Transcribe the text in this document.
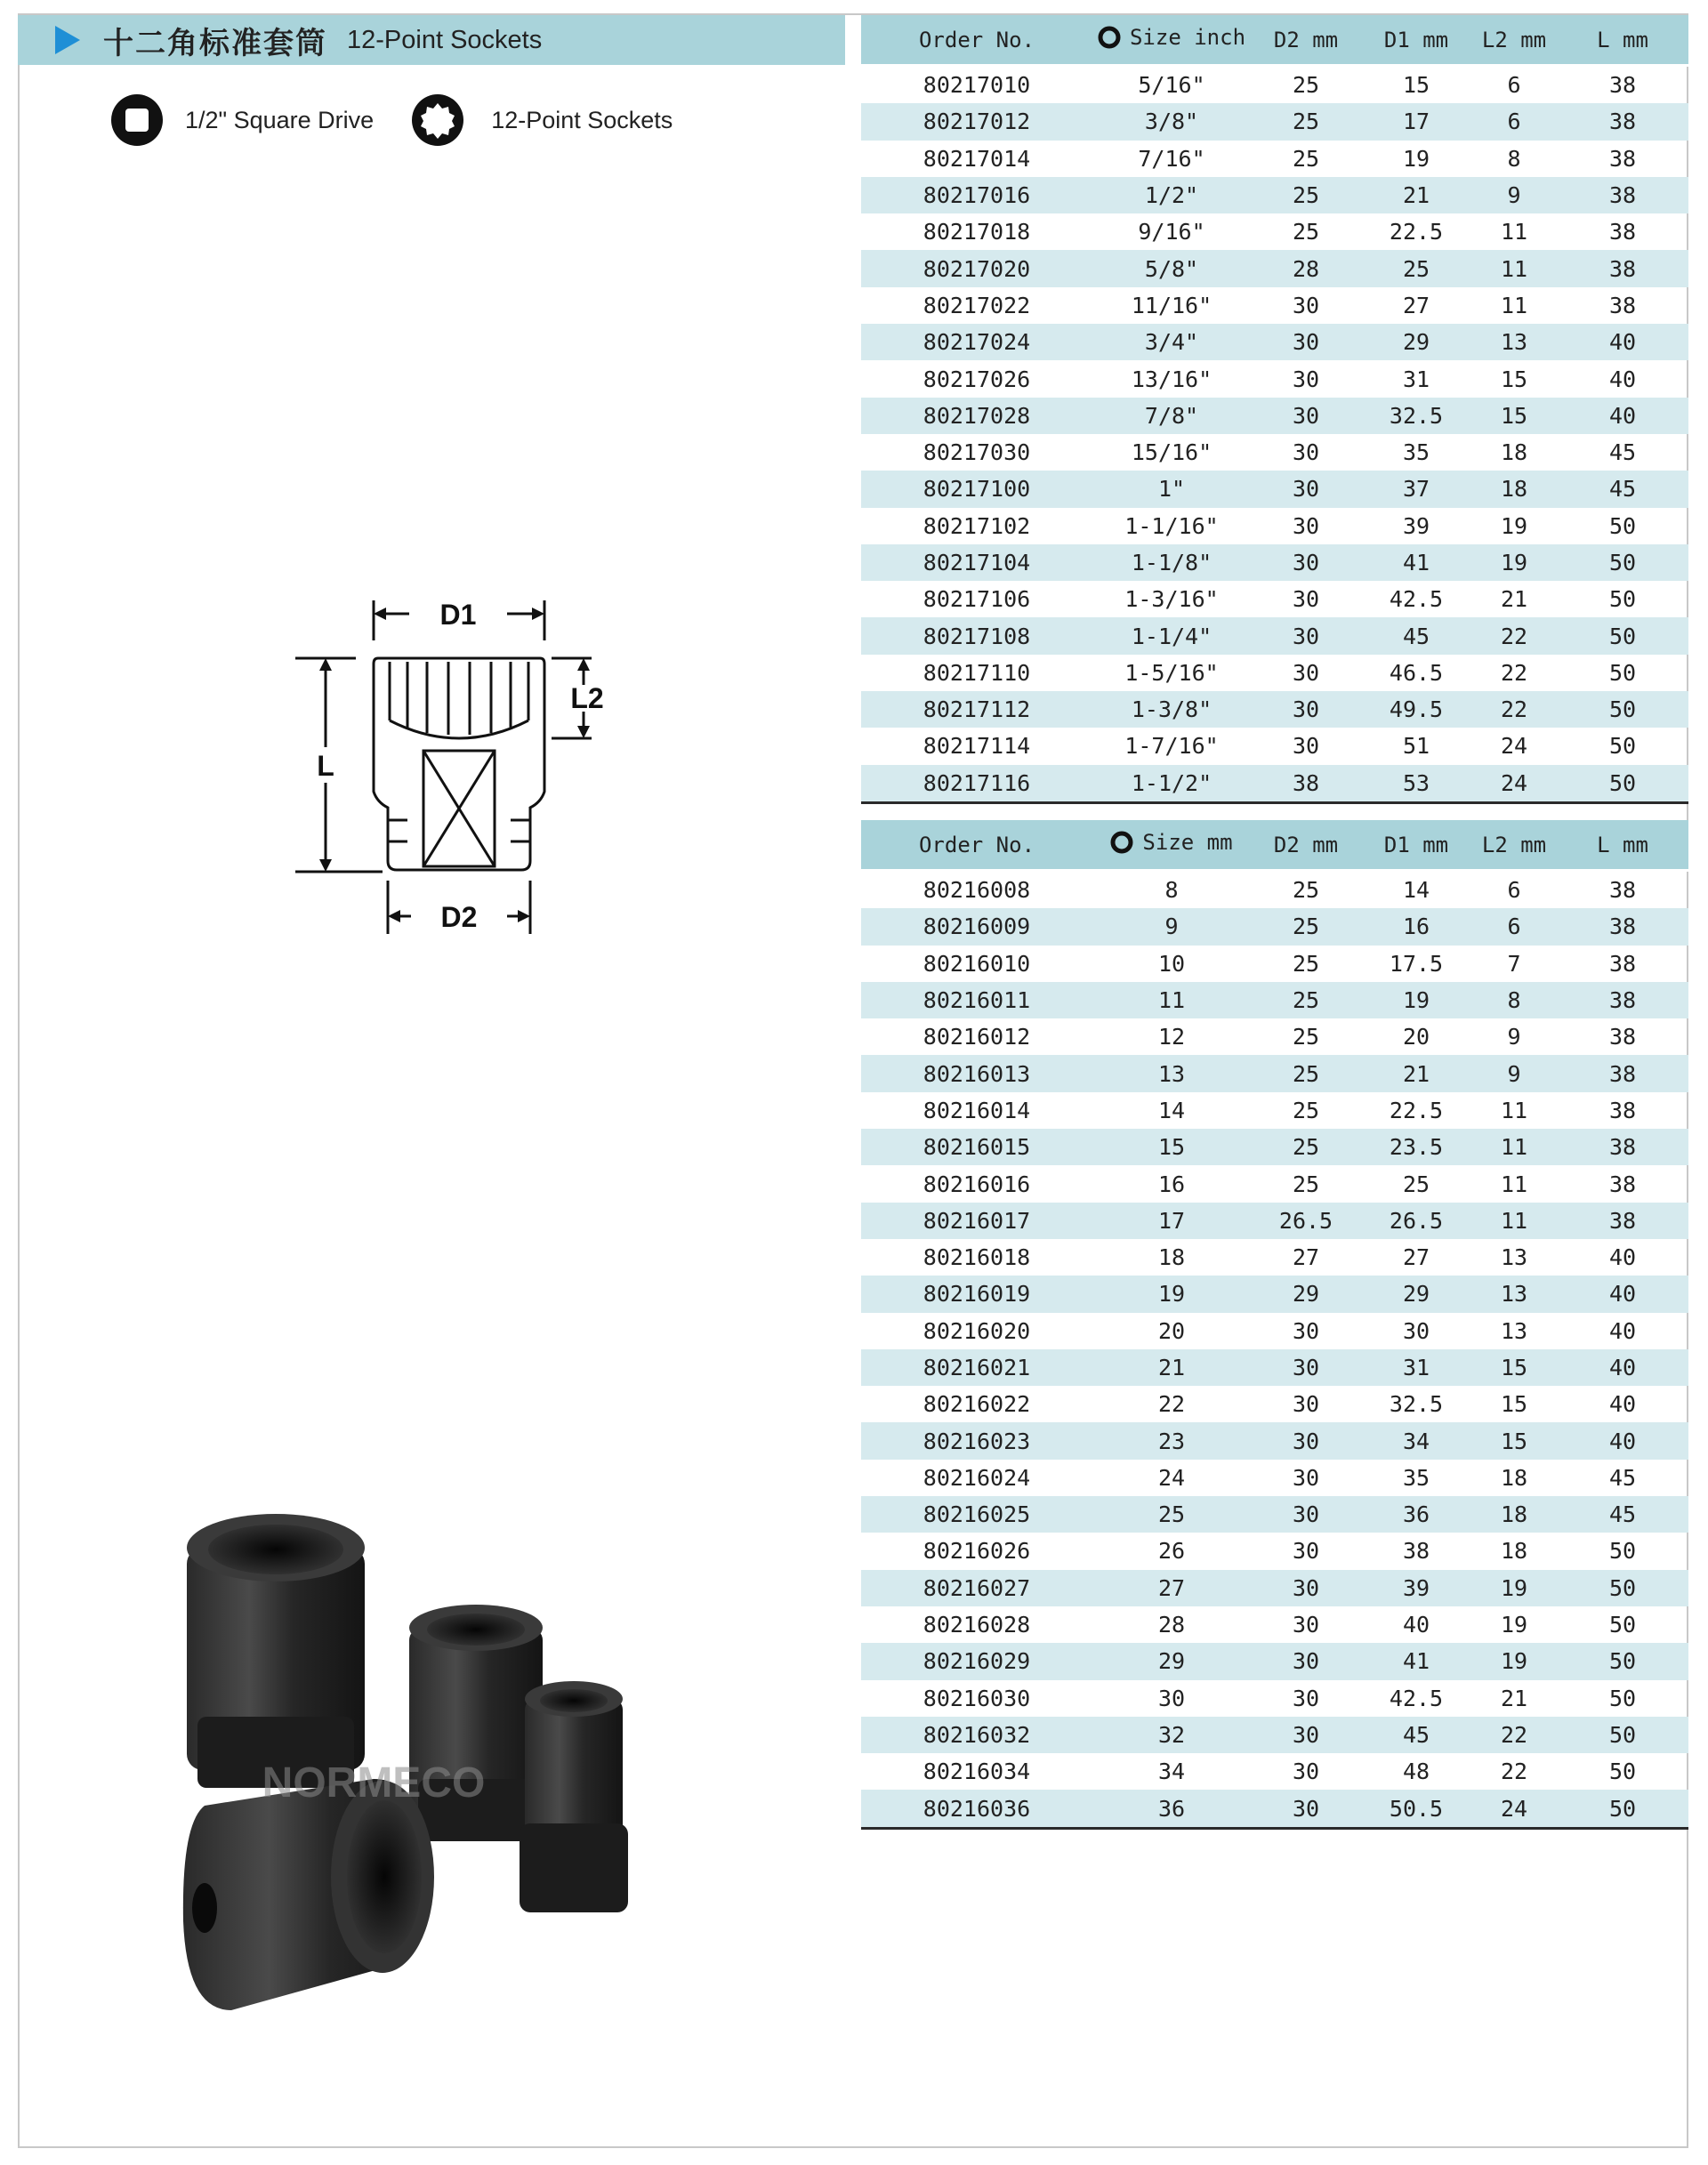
十二角标准套筒 12-Point Sockets
1/2" Square Drive	12-Point Sockets
D1
L
L2
D2
Order No.	Size inch	D2 mm	D1 mm	L2 mm	L mm
80217010	5/16"	25	15	6	38
80217012	3/8"	25	17	6	38
80217014	7/16"	25	19	8	38
80217016	1/2"	25	21	9	38
80217018	9/16"	25	22.5	11	38
80217020	5/8"	28	25	11	38
80217022	11/16"	30	27	11	38
80217024	3/4"	30	29	13	40
80217026	13/16"	30	31	15	40
80217028	7/8"	30	32.5	15	40
80217030	15/16"	30	35	18	45
80217100	1"	30	37	18	45
80217102	1-1/16"	30	39	19	50
80217104	1-1/8"	30	41	19	50
80217106	1-3/16"	30	42.5	21	50
80217108	1-1/4"	30	45	22	50
80217110	1-5/16"	30	46.5	22	50
80217112	1-3/8"	30	49.5	22	50
80217114	1-7/16"	30	51	24	50
80217116	1-1/2"	38	53	24	50
Order No.	Size mm	D2 mm	D1 mm	L2 mm	L mm
80216008	8	25	14	6	38
80216009	9	25	16	6	38
80216010	10	25	17.5	7	38
80216011	11	25	19	8	38
80216012	12	25	20	9	38
80216013	13	25	21	9	38
80216014	14	25	22.5	11	38
80216015	15	25	23.5	11	38
80216016	16	25	25	11	38
80216017	17	26.5	26.5	11	38
80216018	18	27	27	13	40
80216019	19	29	29	13	40
80216020	20	30	30	13	40
80216021	21	30	31	15	40
80216022	22	30	32.5	15	40
80216023	23	30	34	15	40
80216024	24	30	35	18	45
80216025	25	30	36	18	45
80216026	26	30	38	18	50
80216027	27	30	39	19	50
80216028	28	30	40	19	50
80216029	29	30	41	19	50
80216030	30	30	42.5	21	50
80216032	32	30	45	22	50
80216034	34	30	48	22	50
80216036	36	30	50.5	24	50
NORMECO
